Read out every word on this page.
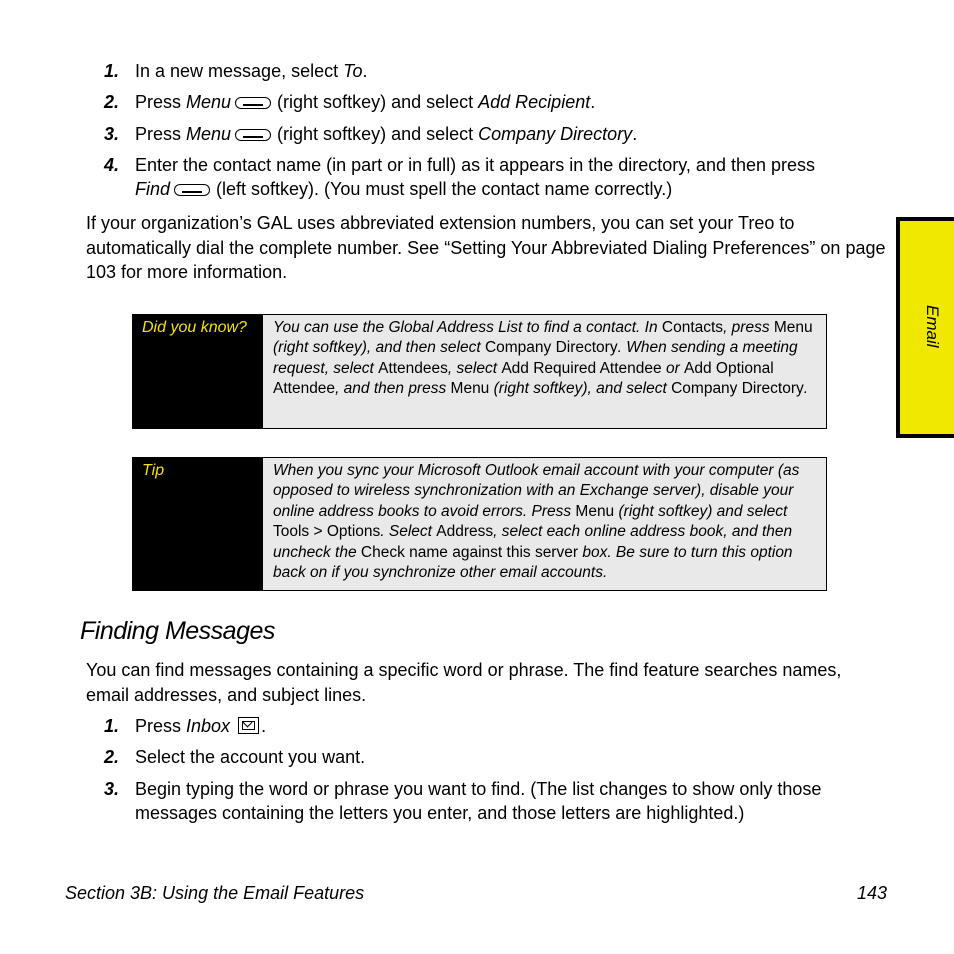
1. In a new message, select To.
2. Press Menu	(right softkey) and select Add Recipient.
3. Press Menu	(right softkey) and select Company Directory.
4. Enter the contact name (in part or in full) as it appears in the directory, and then press
Find	(left softkey). (You must spell the contact name correctly.)
If your organization’s GAL uses abbreviated extension numbers, you can set your Treo to automatically dial the complete number. See “Setting Your Abbreviated Dialing Preferences” on page 103 for more information.
Did you know?	You can use the Global Address List to find a contact. In Contacts, press Menu (right softkey), and then select Company Directory. When sending a meeting request, select Attendees, select Add Required Attendee or Add Optional Attendee, and then press Menu (right softkey), and select Company Directory.
Tip	When you sync your Microsoft Outlook email account with your computer (as opposed to wireless synchronization with an Exchange server), disable your online address books to avoid errors. Press Menu (right softkey) and select Tools > Options. Select Address, select each online address book, and then uncheck the Check name against this server box. Be sure to turn this option back on if you synchronize other email accounts.
Email
Finding Messages
You can find messages containing a specific word or phrase. The find feature searches names, email addresses, and subject lines.
1. Press Inbox .
2. Select the account you want.
3. Begin typing the word or phrase you want to find. (The list changes to show only those messages containing the letters you enter, and those letters are highlighted.)
Section 3B: Using the Email Features	143
